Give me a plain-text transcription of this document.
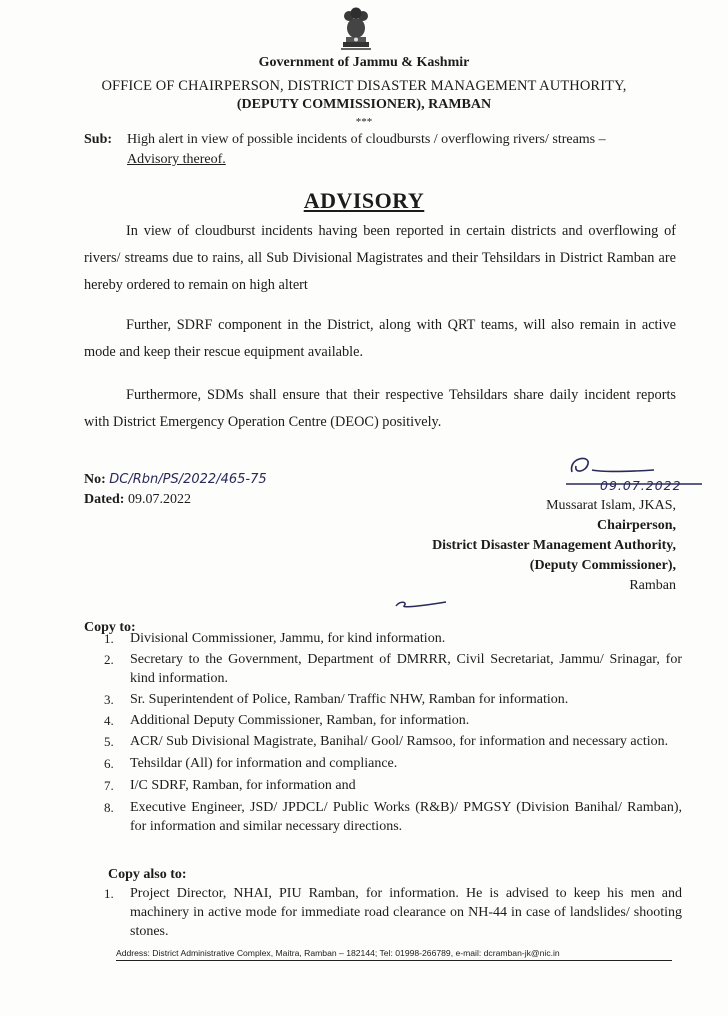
Government of Jammu & Kashmir
OFFICE OF CHAIRPERSON, DISTRICT DISASTER MANAGEMENT AUTHORITY,
(DEPUTY COMMISSIONER), RAMBAN
***
Sub: High alert in view of possible incidents of cloudbursts / overflowing rivers/ streams –
Advisory thereof.
ADVISORY
In view of cloudburst incidents having been reported in certain districts and overflowing of rivers/ streams due to rains, all Sub Divisional Magistrates and their Tehsildars in District Ramban are hereby ordered to remain on high altert
Further, SDRF component in the District, along with QRT teams, will also remain in active mode and keep their rescue equipment available.
Furthermore, SDMs shall ensure that their respective Tehsildars share daily incident reports with District Emergency Operation Centre (DEOC) positively.
No: DC/Rbn/PS/2022/465-75
Dated: 09.07.2022
09.07.2022
Mussarat Islam, JKAS,
Chairperson,
District Disaster Management Authority,
(Deputy Commissioner),
Ramban
Copy to:
1. Divisional Commissioner, Jammu, for kind information.
2. Secretary to the Government, Department of DMRRR, Civil Secretariat, Jammu/ Srinagar, for kind information.
3. Sr. Superintendent of Police, Ramban/ Traffic NHW, Ramban for information.
4. Additional Deputy Commissioner, Ramban, for information.
5. ACR/ Sub Divisional Magistrate, Banihal/ Gool/ Ramsoo, for information and necessary action.
6. Tehsildar (All) for information and compliance.
7. I/C SDRF, Ramban, for information and
8. Executive Engineer, JSD/ JPDCL/ Public Works (R&B)/ PMGSY (Division Banihal/ Ramban), for information and similar necessary directions.
Copy also to:
1. Project Director, NHAI, PIU Ramban, for information. He is advised to keep his men and machinery in active mode for immediate road clearance on NH-44 in case of landslides/ shooting stones.
Address: District Administrative Complex, Maitra, Ramban – 182144; Tel: 01998-266789, e-mail: dcramban-jk@nic.in
